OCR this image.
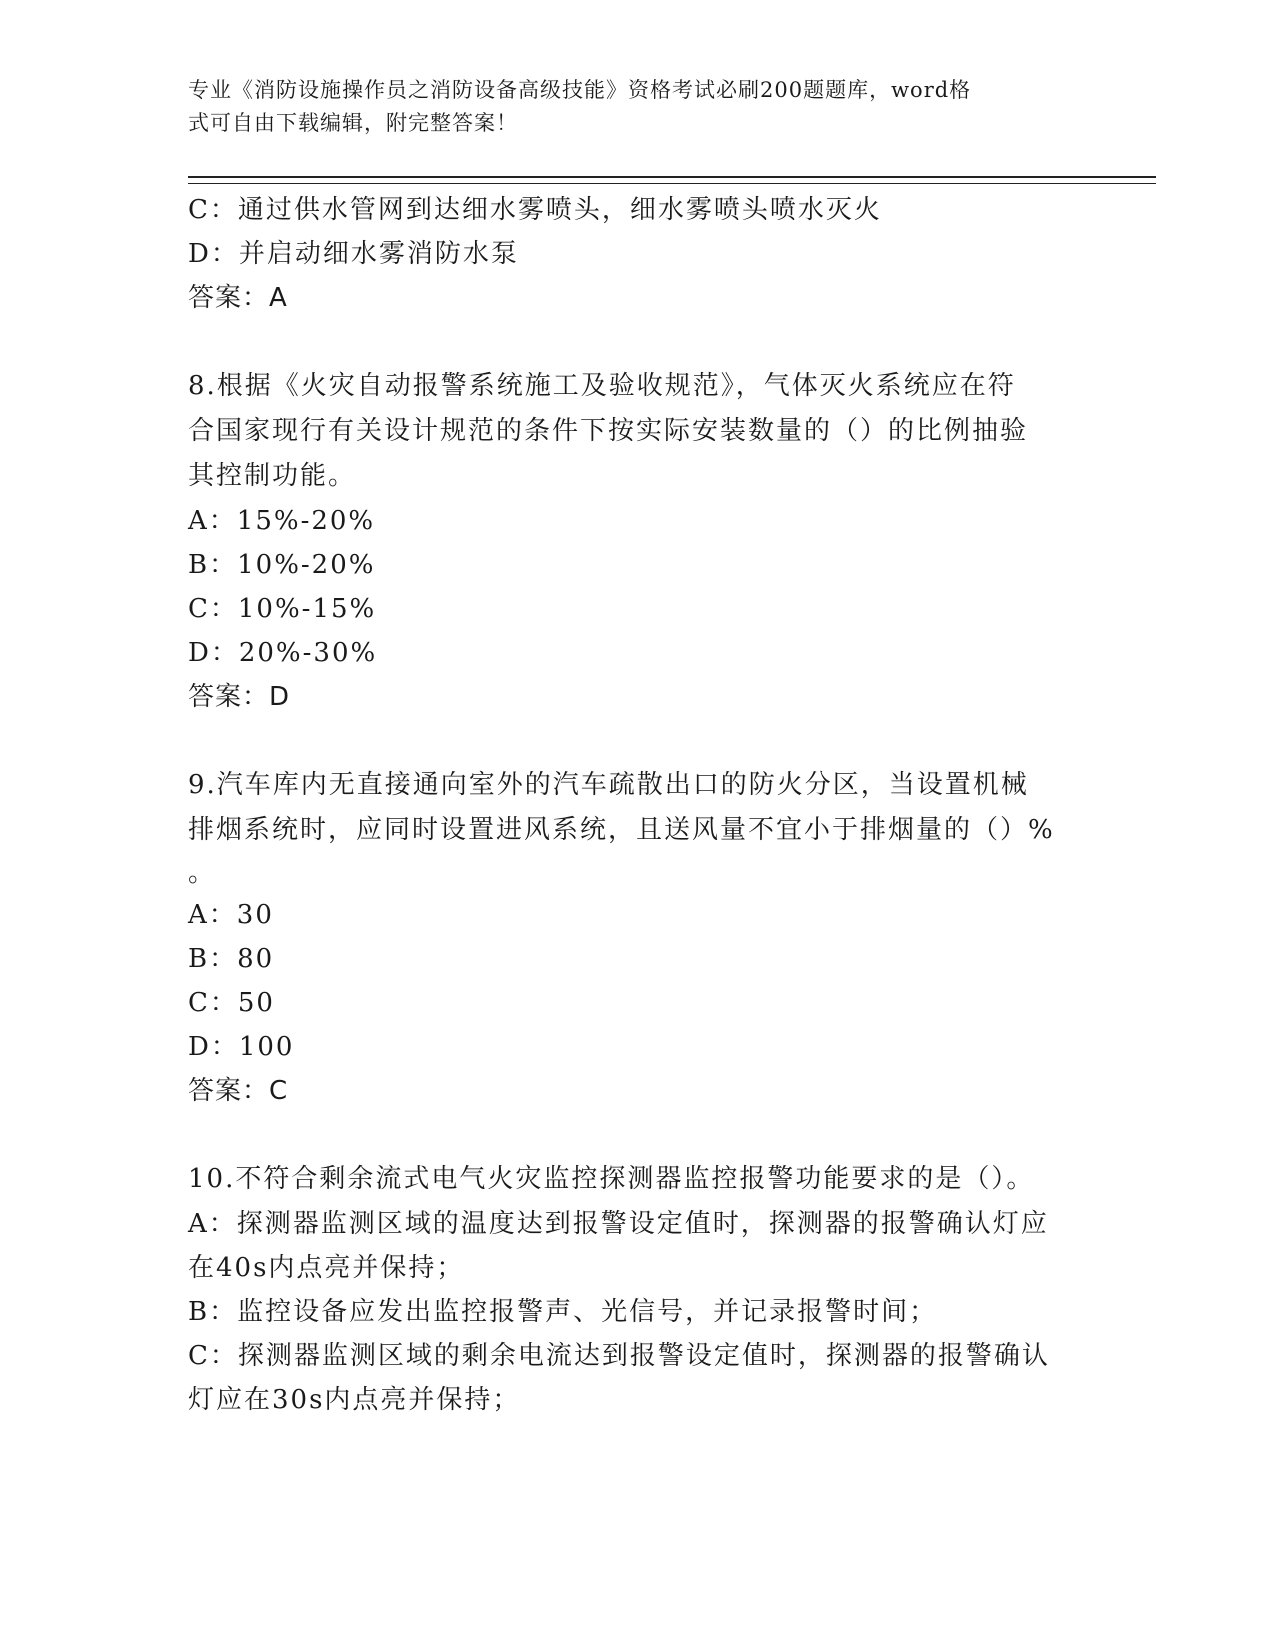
专业《消防设施操作员之消防设备高级技能》资格考试必刷200题题库，word格
式可自由下载编辑，附完整答案！
C：通过供水管网到达细水雾喷头，细水雾喷头喷水灭火
D：并启动细水雾消防水泵
答案：A
8.根据《火灾自动报警系统施工及验收规范》，气体灭火系统应在符
合国家现行有关设计规范的条件下按实际安装数量的（）的比例抽验
其控制功能。
A：15%-20%
B：10%-20%
C：10%-15%
D：20%-30%
答案：D
9.汽车库内无直接通向室外的汽车疏散出口的防火分区，当设置机械
排烟系统时，应同时设置进风系统，且送风量不宜小于排烟量的（）%
。
A：30
B：80
C：50
D：100
答案：C
10.不符合剩余流式电气火灾监控探测器监控报警功能要求的是（）。
A：探测器监测区域的温度达到报警设定值时，探测器的报警确认灯应
在40s内点亮并保持；
B：监控设备应发出监控报警声、光信号，并记录报警时间；
C：探测器监测区域的剩余电流达到报警设定值时，探测器的报警确认
灯应在30s内点亮并保持；
